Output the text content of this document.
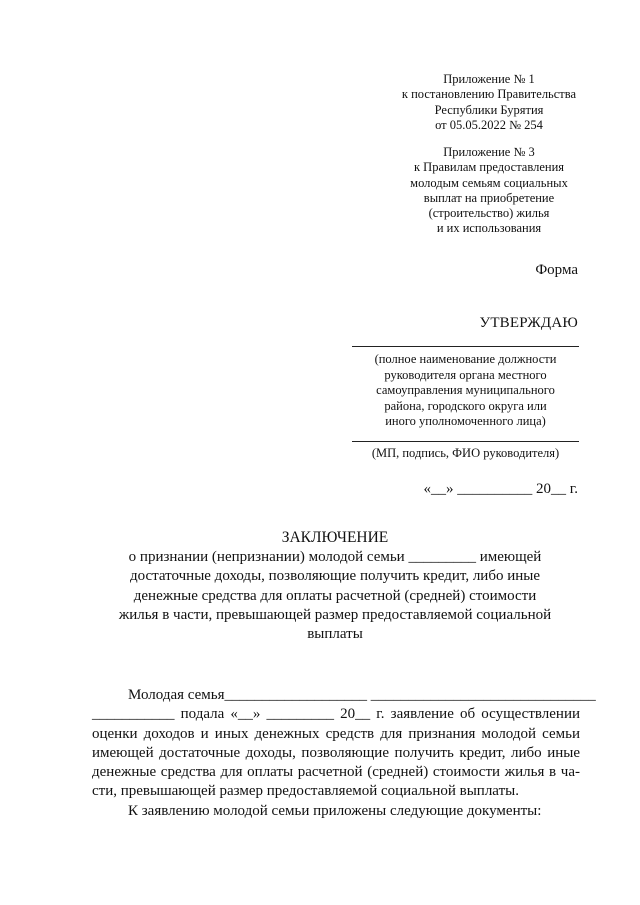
Приложение № 1
к постановлению Правительства
Республики Бурятия
от 05.05.2022 № 254
Приложение № 3
к Правилам предоставления
молодым семьям социальных
выплат на приобретение
(строительство) жилья
и их использования
Форма
УТВЕРЖДАЮ
(полное наименование должности
руководителя органа местного
самоуправления муниципального
района, городского округа или
иного уполномоченного лица)
(МП, подпись, ФИО руководителя)
«__» __________ 20__ г.
ЗАКЛЮЧЕНИЕ
о признании (непризнании) молодой семьи _________ имеющей
достаточные доходы, позволяющие получить кредит, либо иные
денежные средства для оплаты расчетной (средней) стоимости
жилья в части, превышающей размер предоставляемой социальной
выплаты
Молодая семья___________________ ______________________________
___________ подала «__» _________ 20__ г. заявление об осуществлении
оценки доходов и иных денежных средств для признания молодой семьи
имеющей достаточные доходы, позволяющие получить кредит, либо иные
денежные средства для оплаты расчетной (средней) стоимости жилья в ча-
сти, превышающей размер предоставляемой социальной выплаты.
К заявлению молодой семьи приложены следующие документы:
